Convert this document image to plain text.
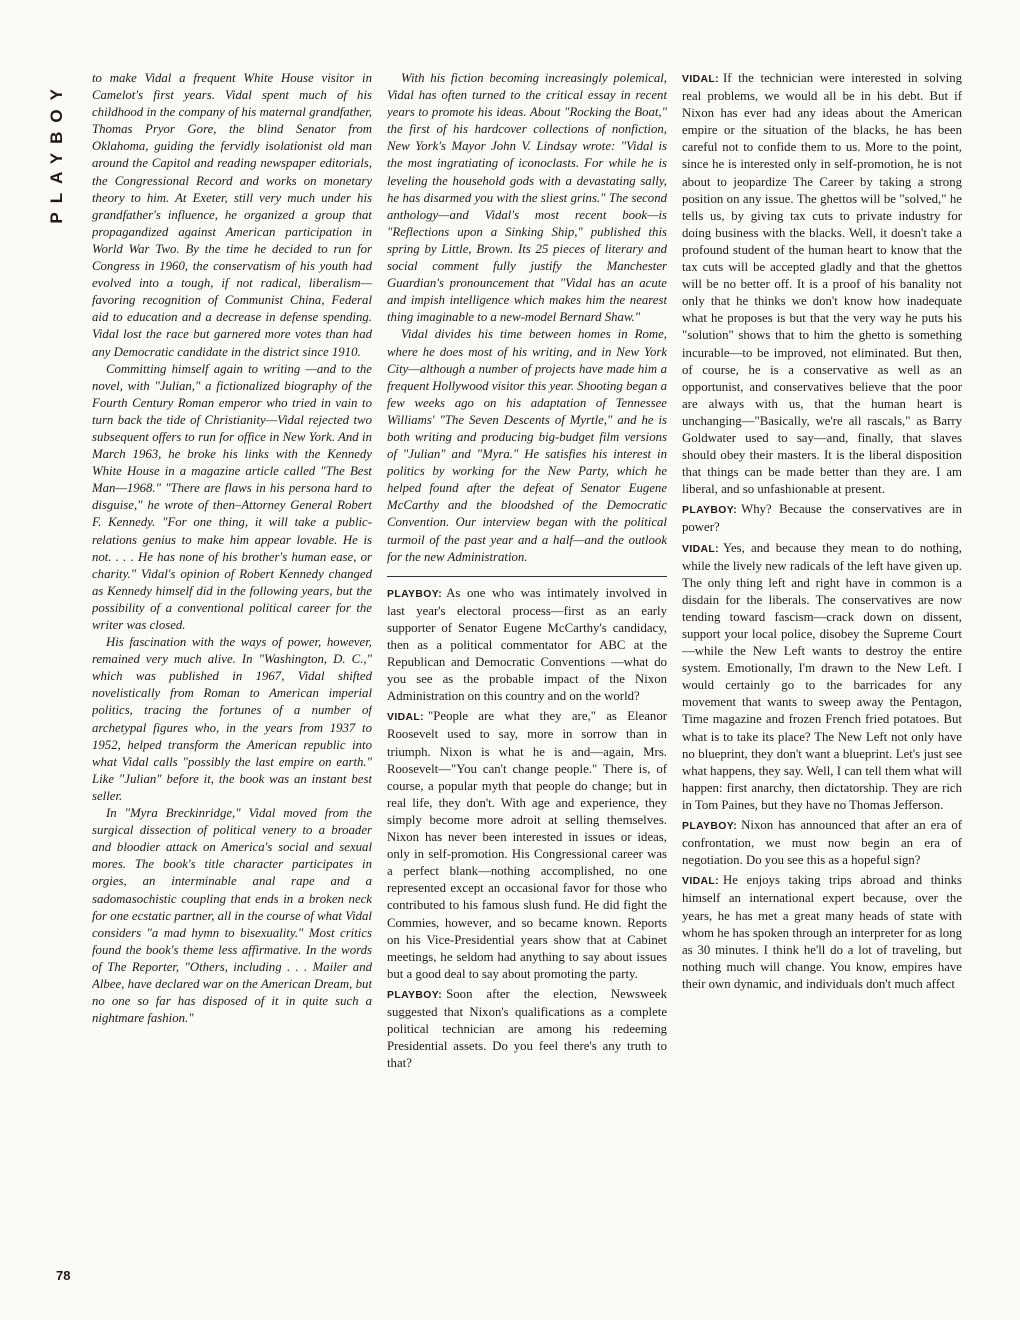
PLAYBOY
78

to make Vidal a frequent White House visitor in Camelot's first years. Vidal spent much of his childhood in the company of his maternal grandfather, Thomas Pryor Gore, the blind Senator from Oklahoma, guiding the fervidly isolationist old man around the Capitol and reading newspaper editorials, the Congressional Record and works on monetary theory to him. At Exeter, still very much under his grandfather's influence, he organized a group that propagandized against American participation in World War Two. By the time he decided to run for Congress in 1960, the conservatism of his youth had evolved into a tough, if not radical, liberalism—favoring recognition of Communist China, Federal aid to education and a decrease in defense spending. Vidal lost the race but garnered more votes than had any Democratic candidate in the district since 1910.

Committing himself again to writing —and to the novel, with "Julian," a fictionalized biography of the Fourth Century Roman emperor who tried in vain to turn back the tide of Christianity—Vidal rejected two subsequent offers to run for office in New York. And in March 1963, he broke his links with the Kennedy White House in a magazine article called "The Best Man—1968." "There are flaws in his persona hard to disguise," he wrote of then–Attorney General Robert F. Kennedy. "For one thing, it will take a public-relations genius to make him appear lovable. He is not. . . . He has none of his brother's human ease, or charity." Vidal's opinion of Robert Kennedy changed as Kennedy himself did in the following years, but the possibility of a conventional political career for the writer was closed.

His fascination with the ways of power, however, remained very much alive. In "Washington, D. C.," which was published in 1967, Vidal shifted novelistically from Roman to American imperial politics, tracing the fortunes of a number of archetypal figures who, in the years from 1937 to 1952, helped transform the American republic into what Vidal calls "possibly the last empire on earth." Like "Julian" before it, the book was an instant best seller.

In "Myra Breckinridge," Vidal moved from the surgical dissection of political venery to a broader and bloodier attack on America's social and sexual mores. The book's title character participates in orgies, an interminable anal rape and a sadomasochistic coupling that ends in a broken neck for one ecstatic partner, all in the course of what Vidal considers "a mad hymn to bisexuality." Most critics found the book's theme less affirmative. In the words of The Reporter, "Others, including . . . Mailer and Albee, have declared war on the American Dream, but no one so far has disposed of it in quite such a nightmare fashion."

With his fiction becoming increasingly polemical, Vidal has often turned to the critical essay in recent years to promote his ideas. About "Rocking the Boat," the first of his hardcover collections of nonfiction, New York's Mayor John V. Lindsay wrote: "Vidal is the most ingratiating of iconoclasts. For while he is leveling the household gods with a devastating sally, he has disarmed you with the sliest grins." The second anthology—and Vidal's most recent book—is "Reflections upon a Sinking Ship," published this spring by Little, Brown. Its 25 pieces of literary and social comment fully justify the Manchester Guardian's pronouncement that "Vidal has an acute and impish intelligence which makes him the nearest thing imaginable to a new-model Bernard Shaw."

Vidal divides his time between homes in Rome, where he does most of his writing, and in New York City—although a number of projects have made him a frequent Hollywood visitor this year. Shooting began a few weeks ago on his adaptation of Tennessee Williams' "The Seven Descents of Myrtle," and he is both writing and producing big-budget film versions of "Julian" and "Myra." He satisfies his interest in politics by working for the New Party, which he helped found after the defeat of Senator Eugene McCarthy and the bloodshed of the Democratic Convention. Our interview began with the political turmoil of the past year and a half—and the outlook for the new Administration.

PLAYBOY: As one who was intimately involved in last year's electoral process—first as an early supporter of Senator Eugene McCarthy's candidacy, then as a political commentator for ABC at the Republican and Democratic Conventions —what do you see as the probable impact of the Nixon Administration on this country and on the world?

VIDAL: "People are what they are," as Eleanor Roosevelt used to say, more in sorrow than in triumph. Nixon is what he is and—again, Mrs. Roosevelt—"You can't change people." There is, of course, a popular myth that people do change; but in real life, they don't. With age and experience, they simply become more adroit at selling themselves. Nixon has never been interested in issues or ideas, only in self-promotion. His Congressional career was a perfect blank—nothing accomplished, no one represented except an occasional favor for those who contributed to his famous slush fund. He did fight the Commies, however, and so became known. Reports on his Vice-Presidential years show that at Cabinet meetings, he seldom had anything to say about issues but a good deal to say about promoting the party.

PLAYBOY: Soon after the election, Newsweek suggested that Nixon's qualifications as a complete political technician are among his redeeming Presidential assets. Do you feel there's any truth to that?

VIDAL: If the technician were interested in solving real problems, we would all be in his debt. But if Nixon has ever had any ideas about the American empire or the situation of the blacks, he has been careful not to confide them to us. More to the point, since he is interested only in self-promotion, he is not about to jeopardize The Career by taking a strong position on any issue. The ghettos will be "solved," he tells us, by giving tax cuts to private industry for doing business with the blacks. Well, it doesn't take a profound student of the human heart to know that the tax cuts will be accepted gladly and that the ghettos will be no better off. It is a proof of his banality not only that he thinks we don't know how inadequate what he proposes is but that the very way he puts his "solution" shows that to him the ghetto is something incurable—to be improved, not eliminated. But then, of course, he is a conservative as well as an opportunist, and conservatives believe that the poor are always with us, that the human heart is unchanging—"Basically, we're all rascals," as Barry Goldwater used to say—and, finally, that slaves should obey their masters. It is the liberal disposition that things can be made better than they are. I am liberal, and so unfashionable at present.

PLAYBOY: Why? Because the conservatives are in power?

VIDAL: Yes, and because they mean to do nothing, while the lively new radicals of the left have given up. The only thing left and right have in common is a disdain for the liberals. The conservatives are now tending toward fascism—crack down on dissent, support your local police, disobey the Supreme Court—while the New Left wants to destroy the entire system. Emotionally, I'm drawn to the New Left. I would certainly go to the barricades for any movement that wants to sweep away the Pentagon, Time magazine and frozen French fried potatoes. But what is to take its place? The New Left not only have no blueprint, they don't want a blueprint. Let's just see what happens, they say. Well, I can tell them what will happen: first anarchy, then dictatorship. They are rich in Tom Paines, but they have no Thomas Jefferson.

PLAYBOY: Nixon has announced that after an era of confrontation, we must now begin an era of negotiation. Do you see this as a hopeful sign?

VIDAL: He enjoys taking trips abroad and thinks himself an international expert because, over the years, he has met a great many heads of state with whom he has spoken through an interpreter for as long as 30 minutes. I think he'll do a lot of traveling, but nothing much will change. You know, empires have their own dynamic, and individuals don't much affect
